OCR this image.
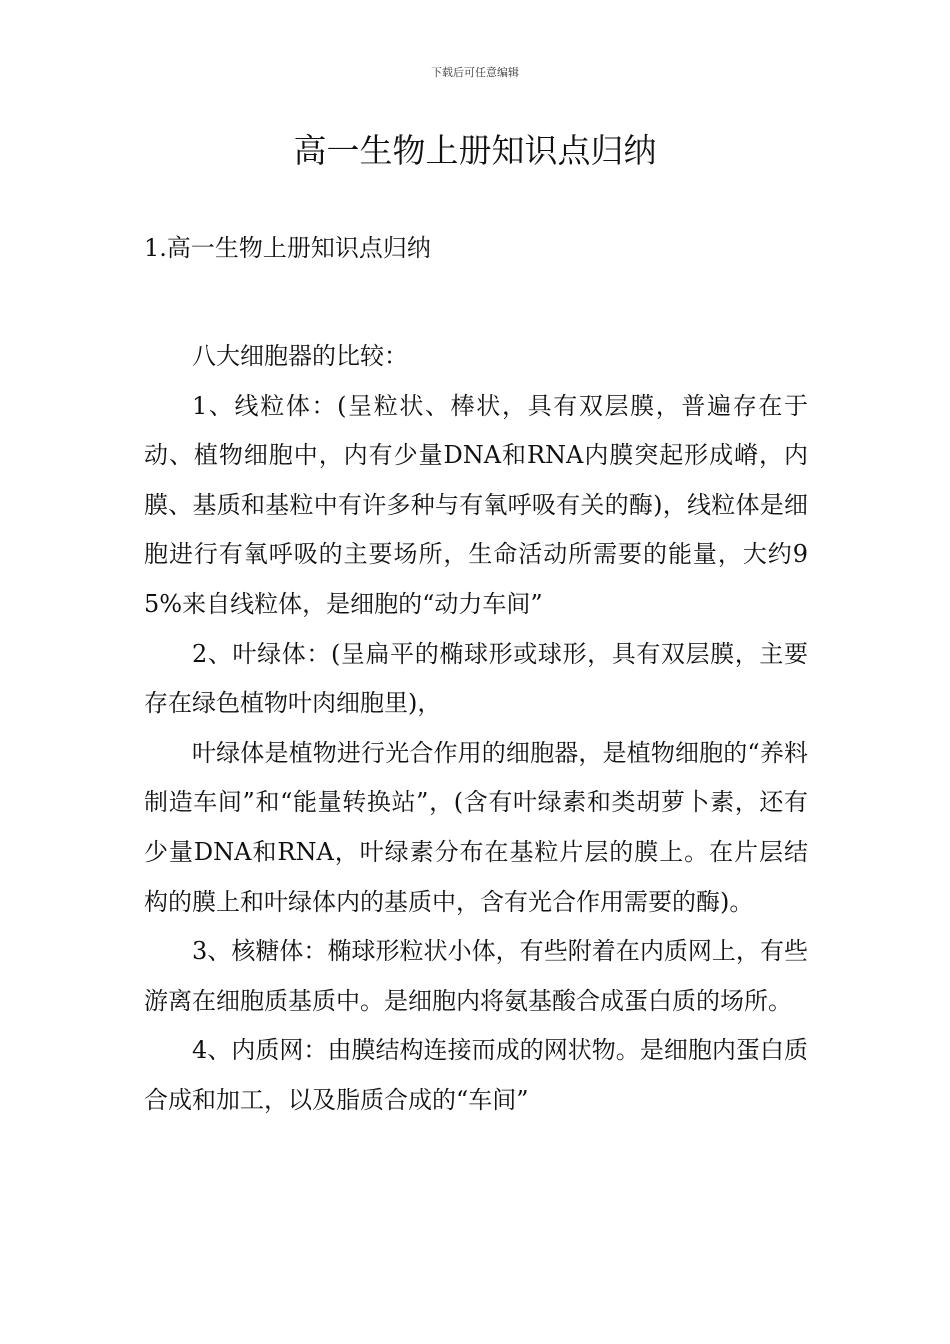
下载后可任意编辑
高一生物上册知识点归纳
1.高一生物上册知识点归纳

八大细胞器的比较：

1、线粒体：(呈粒状、棒状，具有双层膜，普遍存在于动、植物细胞中，内有少量DNA和RNA内膜突起形成嵴，内膜、基质和基粒中有许多种与有氧呼吸有关的酶)，线粒体是细胞进行有氧呼吸的主要场所，生命活动所需要的能量，大约95%来自线粒体，是细胞的“动力车间”

2、叶绿体：(呈扁平的椭球形或球形，具有双层膜，主要存在绿色植物叶肉细胞里)，

叶绿体是植物进行光合作用的细胞器，是植物细胞的“养料制造车间”和“能量转换站”，(含有叶绿素和类胡萝卜素，还有少量DNA和RNA，叶绿素分布在基粒片层的膜上。在片层结构的膜上和叶绿体内的基质中，含有光合作用需要的酶)。

3、核糖体：椭球形粒状小体，有些附着在内质网上，有些游离在细胞质基质中。是细胞内将氨基酸合成蛋白质的场所。

4、内质网：由膜结构连接而成的网状物。是细胞内蛋白质合成和加工，以及脂质合成的“车间”
